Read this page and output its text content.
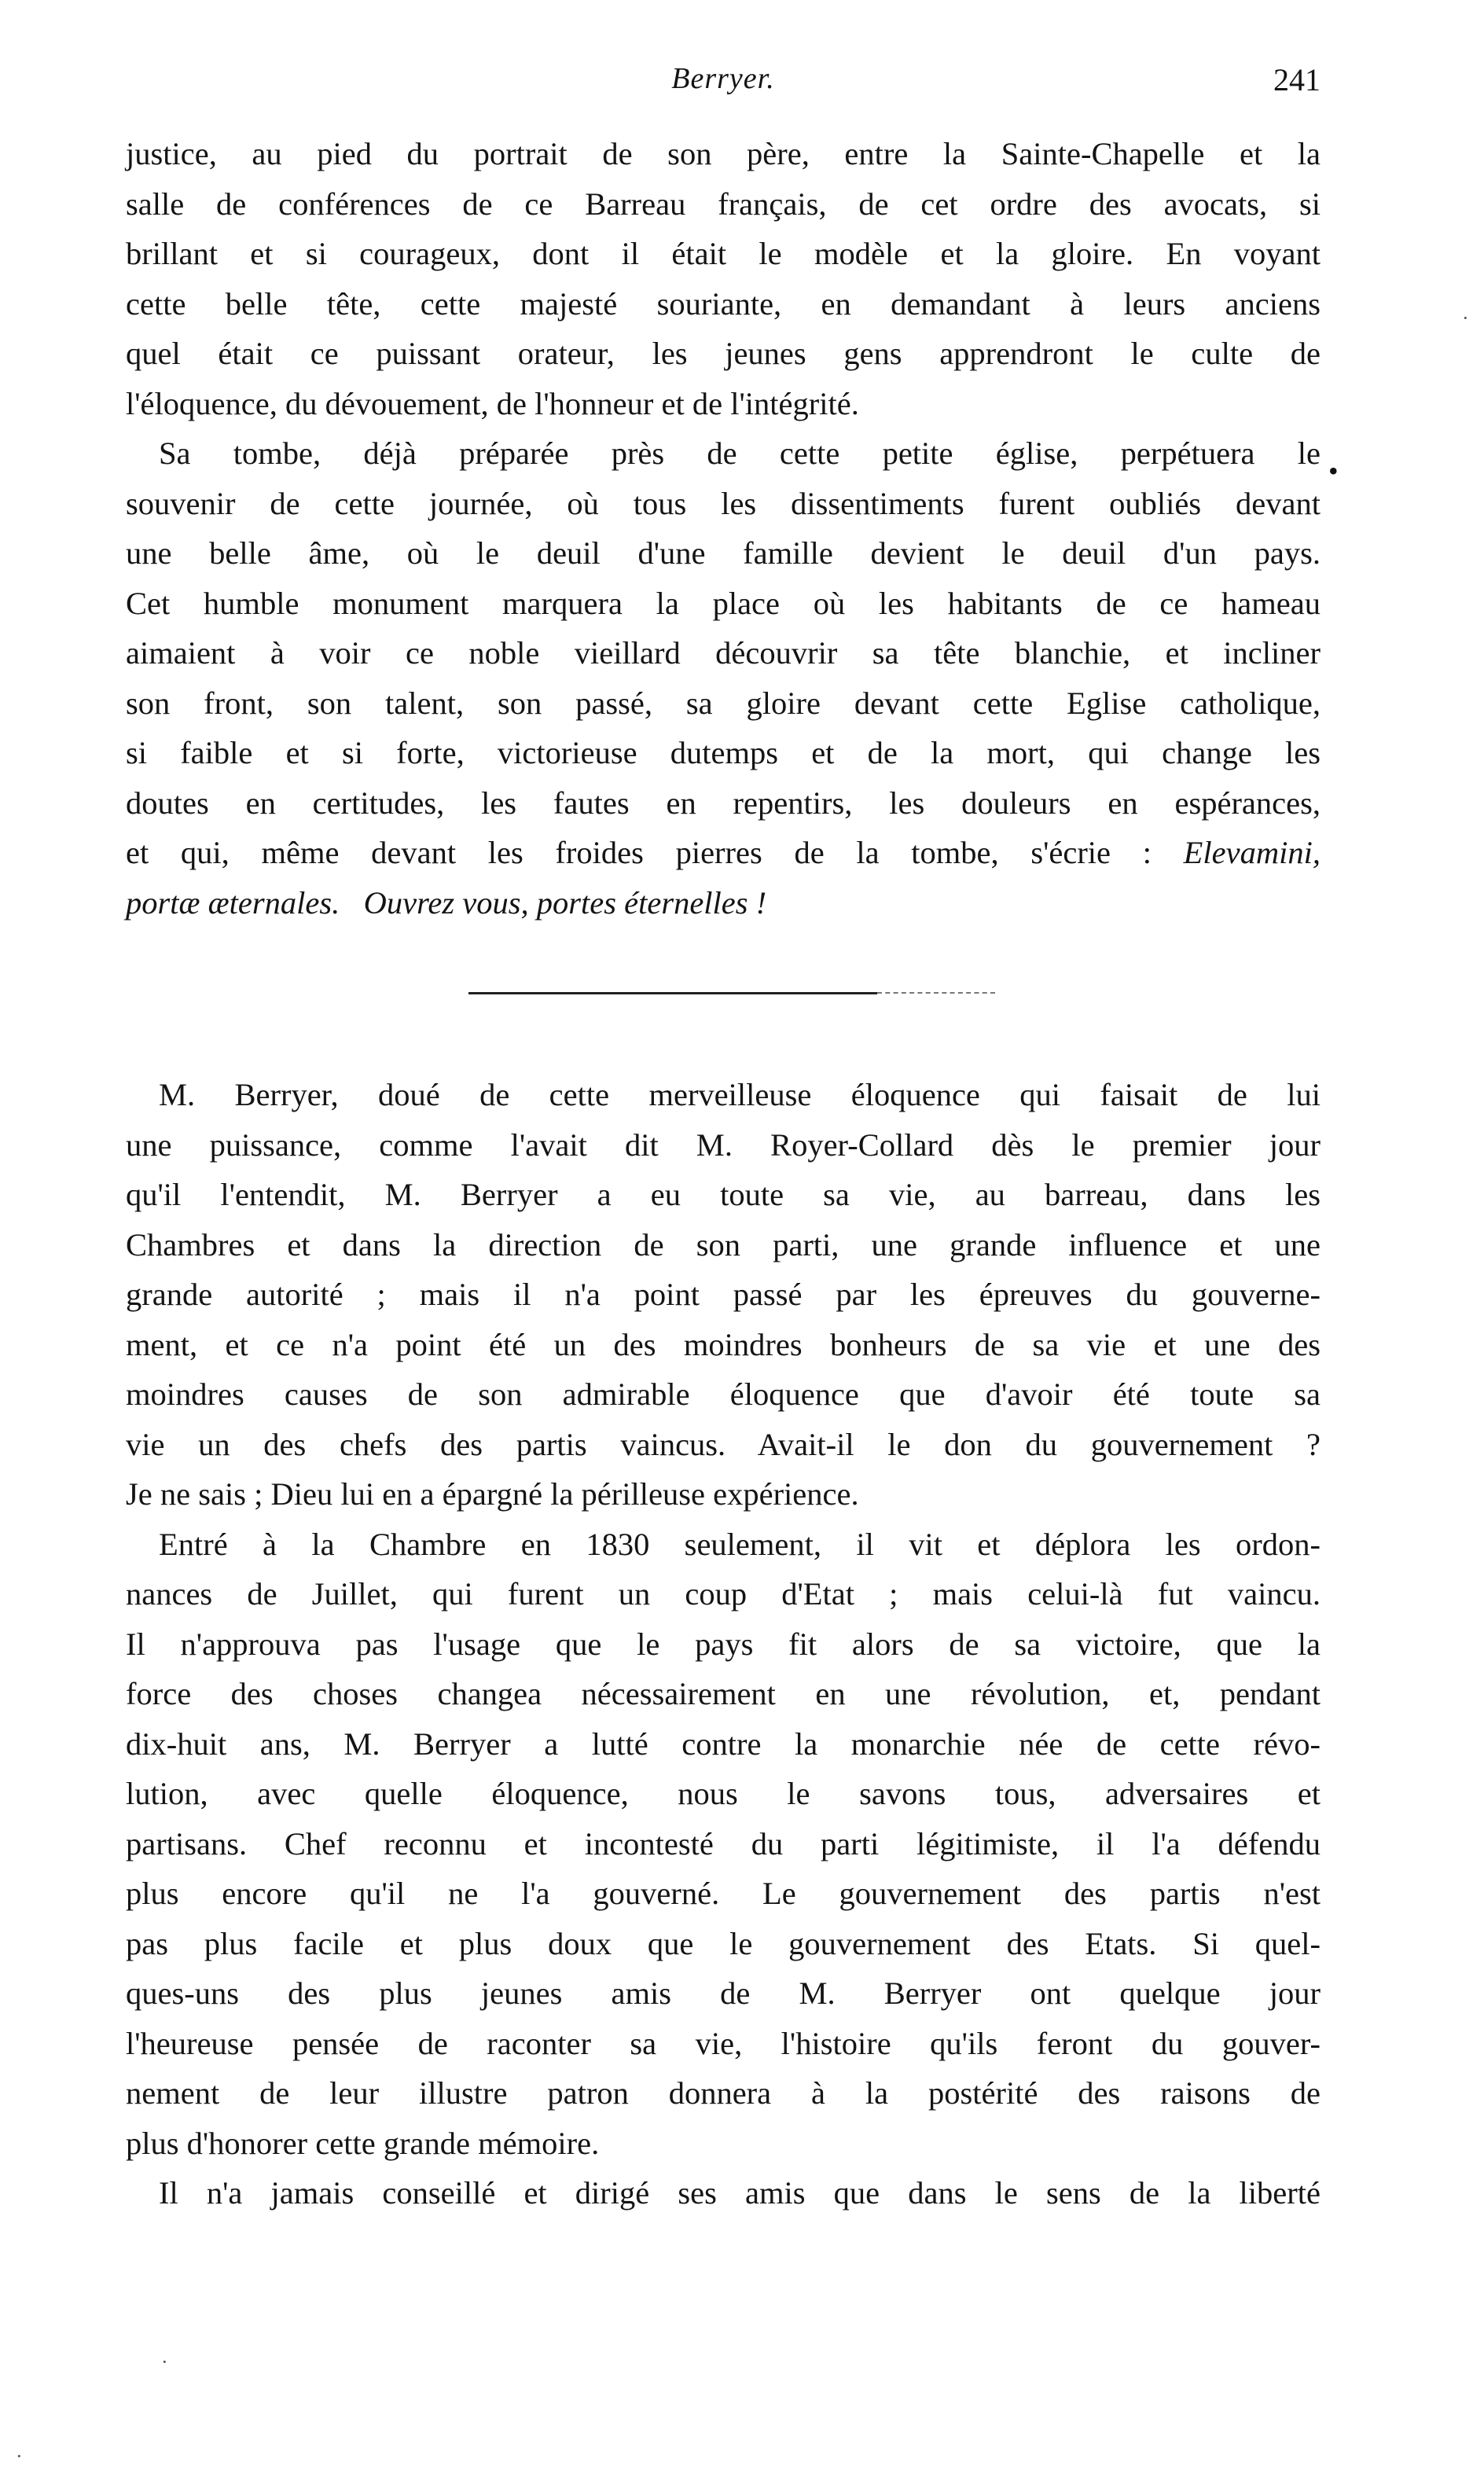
Berryer.	241
justice, au pied du portrait de son père, entre la Sainte-Chapelle et la
salle de conférences de ce Barreau français, de cet ordre des avocats, si
brillant et si courageux, dont il était le modèle et la gloire. En voyant
cette belle tête, cette majesté souriante, en demandant à leurs anciens
quel était ce puissant orateur, les jeunes gens apprendront le culte de
l'éloquence, du dévouement, de l'honneur et de l'intégrité.
Sa tombe, déjà préparée près de cette petite église, perpétuera le
souvenir de cette journée, où tous les dissentiments furent oubliés devant
une belle âme, où le deuil d'une famille devient le deuil d'un pays.
Cet humble monument marquera la place où les habitants de ce hameau
aimaient à voir ce noble vieillard découvrir sa tête blanchie, et incliner
son front, son talent, son passé, sa gloire devant cette Eglise catholique,
si faible et si forte, victorieuse dutemps et de la mort, qui change les
doutes en certitudes, les fautes en repentirs, les douleurs en espérances,
et qui, même devant les froides pierres de la tombe, s'écrie : Elevamini,
portæ æternales. Ouvrez vous, portes éternelles !
M. Berryer, doué de cette merveilleuse éloquence qui faisait de lui
une puissance, comme l'avait dit M. Royer-Collard dès le premier jour
qu'il l'entendit, M. Berryer a eu toute sa vie, au barreau, dans les
Chambres et dans la direction de son parti, une grande influence et une
grande autorité ; mais il n'a point passé par les épreuves du gouverne-
ment, et ce n'a point été un des moindres bonheurs de sa vie et une des
moindres causes de son admirable éloquence que d'avoir été toute sa
vie un des chefs des partis vaincus. Avait-il le don du gouvernement ?
Je ne sais ; Dieu lui en a épargné la périlleuse expérience.
Entré à la Chambre en 1830 seulement, il vit et déplora les ordon-
nances de Juillet, qui furent un coup d'Etat ; mais celui-là fut vaincu.
Il n'approuva pas l'usage que le pays fit alors de sa victoire, que la
force des choses changea nécessairement en une révolution, et, pendant
dix-huit ans, M. Berryer a lutté contre la monarchie née de cette révo-
lution, avec quelle éloquence, nous le savons tous, adversaires et
partisans. Chef reconnu et incontesté du parti légitimiste, il l'a défendu
plus encore qu'il ne l'a gouverné. Le gouvernement des partis n'est
pas plus facile et plus doux que le gouvernement des Etats. Si quel-
ques-uns des plus jeunes amis de M. Berryer ont quelque jour
l'heureuse pensée de raconter sa vie, l'histoire qu'ils feront du gouver-
nement de leur illustre patron donnera à la postérité des raisons de
plus d'honorer cette grande mémoire.
Il n'a jamais conseillé et dirigé ses amis que dans le sens de la liberté
·
•
·
·
